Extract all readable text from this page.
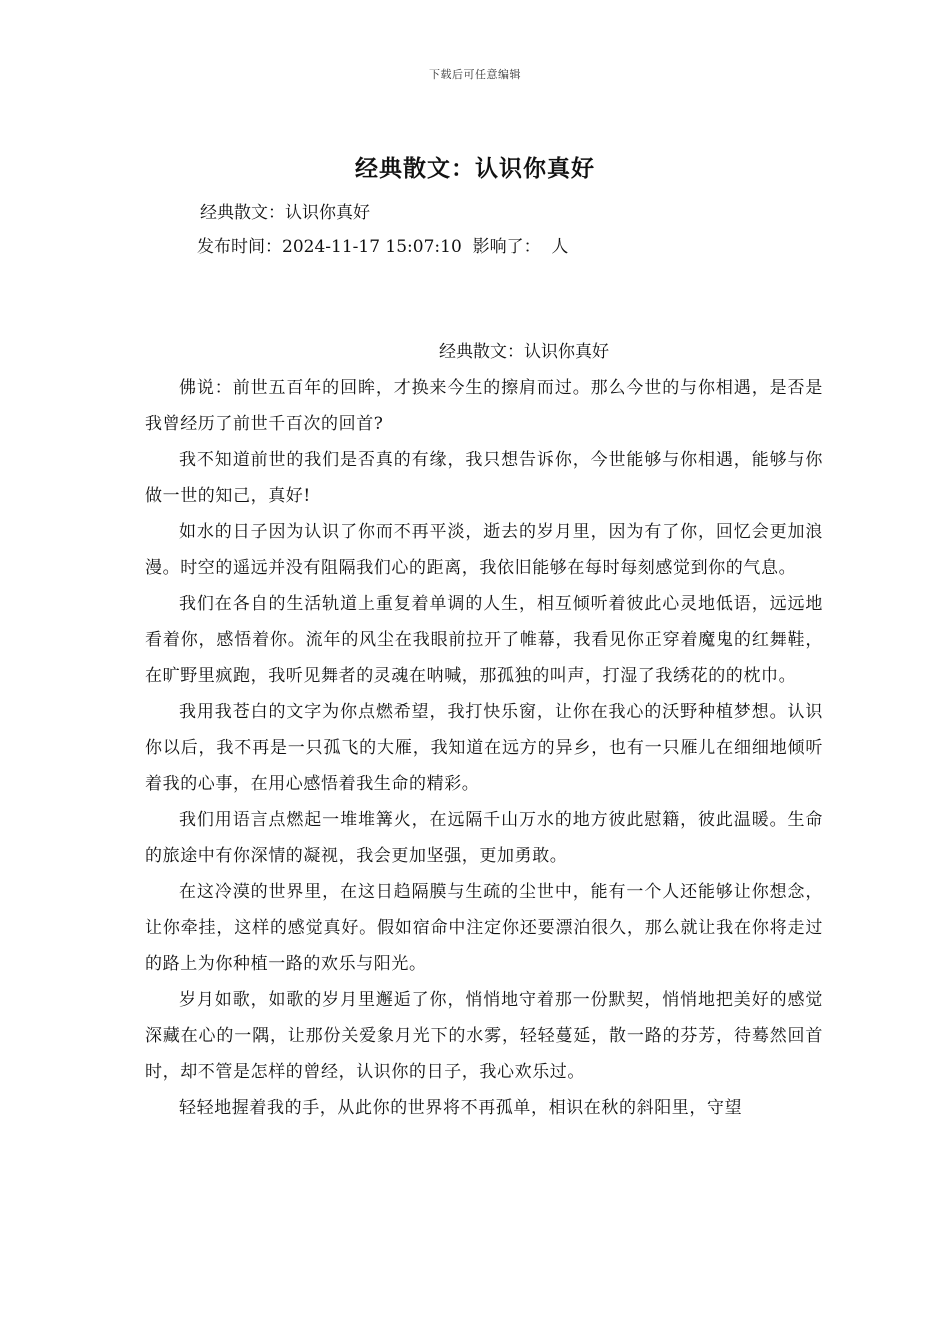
下载后可任意编辑
经典散文：认识你真好
经典散文：认识你真好
发布时间：2024-11-17 15:07:10  影响了：  人

经典散文：认识你真好

佛说：前世五百年的回眸，才换来今生的擦肩而过。那么今世的与你相遇，是否是我曾经历了前世千百次的回首?

我不知道前世的我们是否真的有缘，我只想告诉你，今世能够与你相遇，能够与你做一世的知己，真好!

如水的日子因为认识了你而不再平淡，逝去的岁月里，因为有了你，回忆会更加浪漫。时空的遥远并没有阻隔我们心的距离，我依旧能够在每时每刻感觉到你的气息。

我们在各自的生活轨道上重复着单调的人生，相互倾听着彼此心灵地低语，远远地看着你，感悟着你。流年的风尘在我眼前拉开了帷幕，我看见你正穿着魔鬼的红舞鞋，在旷野里疯跑，我听见舞者的灵魂在呐喊，那孤独的叫声，打湿了我绣花的的枕巾。

我用我苍白的文字为你点燃希望，我打快乐窗，让你在我心的沃野种植梦想。认识你以后，我不再是一只孤飞的大雁，我知道在远方的异乡，也有一只雁儿在细细地倾听着我的心事，在用心感悟着我生命的精彩。

我们用语言点燃起一堆堆篝火，在远隔千山万水的地方彼此慰籍，彼此温暖。生命的旅途中有你深情的凝视，我会更加坚强，更加勇敢。

在这冷漠的世界里，在这日趋隔膜与生疏的尘世中，能有一个人还能够让你想念，让你牵挂，这样的感觉真好。假如宿命中注定你还要漂泊很久，那么就让我在你将走过的路上为你种植一路的欢乐与阳光。

岁月如歌，如歌的岁月里邂逅了你，悄悄地守着那一份默契，悄悄地把美好的感觉深藏在心的一隅，让那份关爱象月光下的水雾，轻轻蔓延，散一路的芬芳，待蓦然回首时，却不管是怎样的曾经，认识你的日子，我心欢乐过。

轻轻地握着我的手，从此你的世界将不再孤单，相识在秋的斜阳里，守望
